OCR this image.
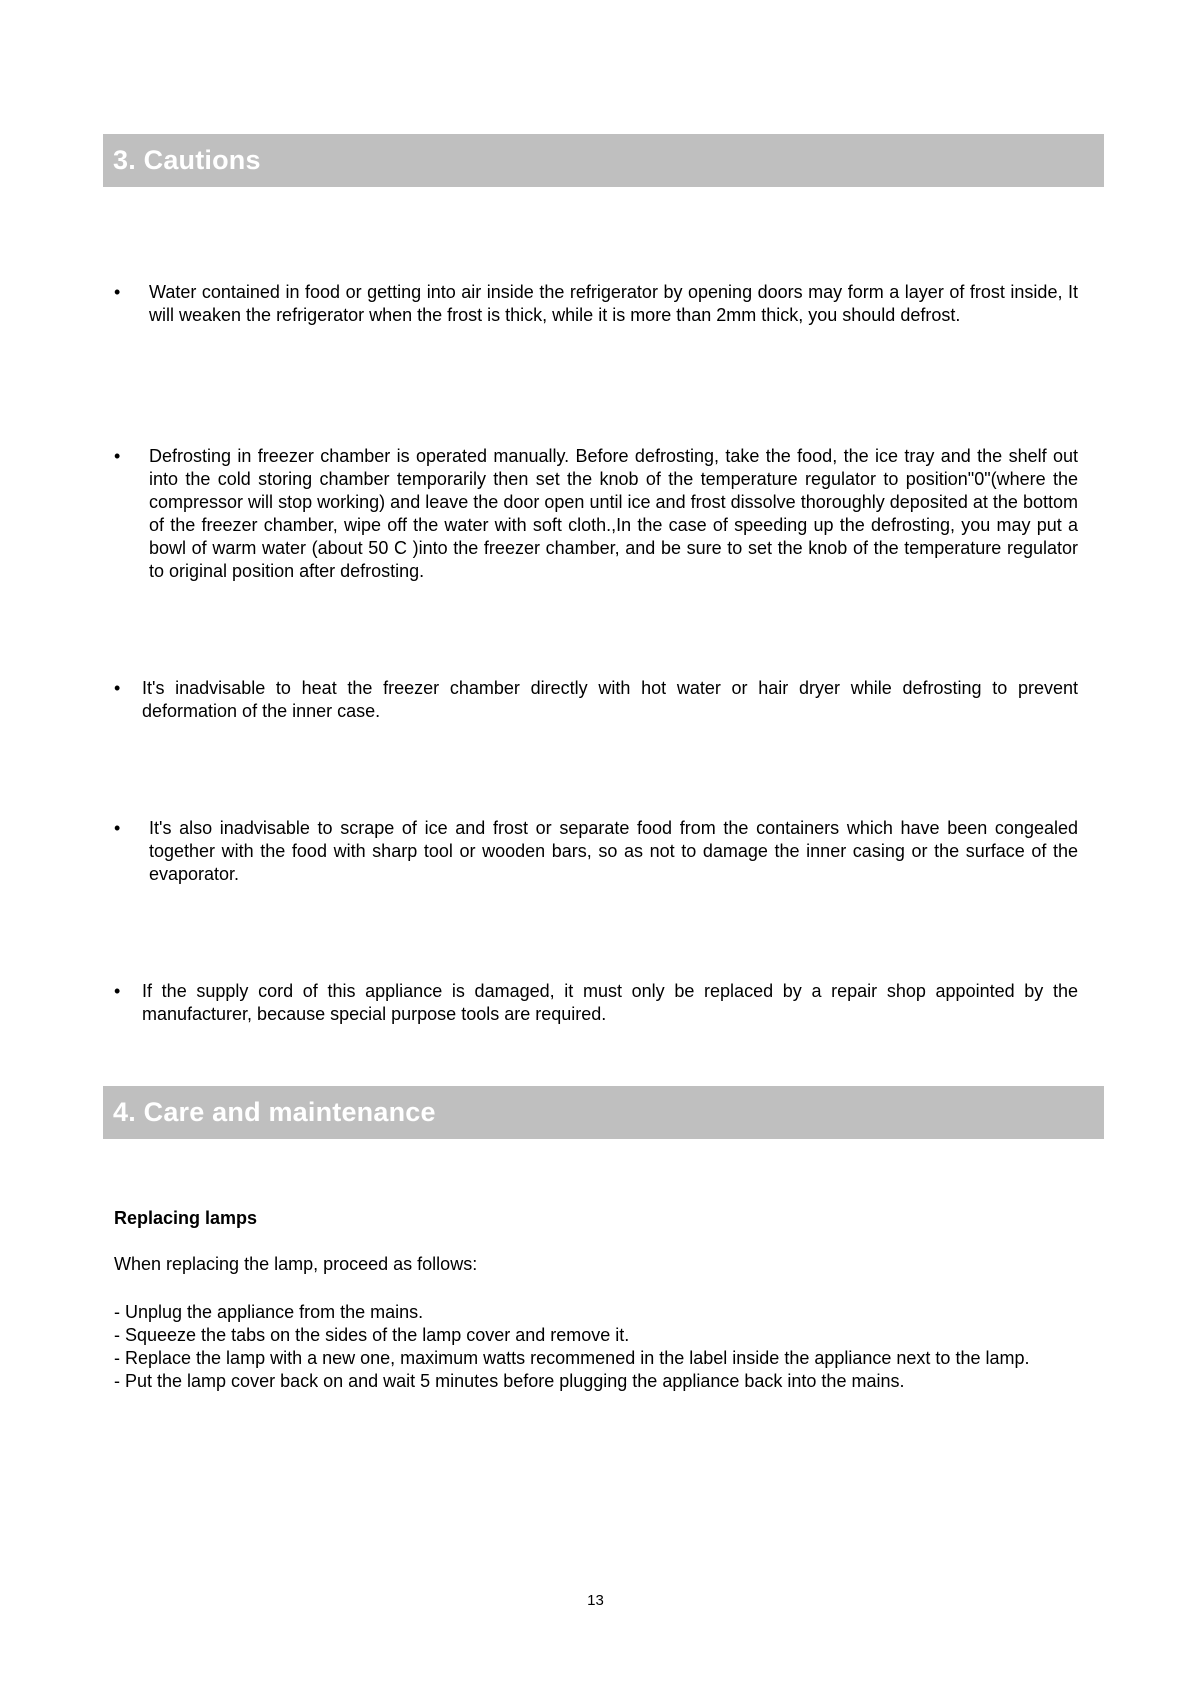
3. Cautions
• Water contained in food or getting into air inside the refrigerator by opening doors may form a layer of frost inside, It will weaken the refrigerator when the frost is thick, while it is more than 2mm thick, you should defrost.

• Defrosting in freezer chamber is operated manually. Before defrosting, take the food, the ice tray and the shelf out into the cold storing chamber temporarily then set the knob of the temperature regulator to position"0"(where the compressor will stop working) and leave the door open until ice and frost dissolve thoroughly deposited at the bottom of the freezer chamber, wipe off the water with soft cloth.,In the case of speeding up the defrosting, you may put a bowl of warm water (about 50 C )into the freezer chamber, and be sure to set the knob of the temperature regulator to original position after defrosting.

• It's inadvisable to heat the freezer chamber directly with hot water or hair dryer while defrosting to prevent deformation of the inner case.

• It's also inadvisable to scrape of ice and frost or separate food from the containers which have been congealed together with the food with sharp tool or wooden bars, so as not to damage the inner casing or the surface of the evaporator.

• If the supply cord of this appliance is damaged, it must only be replaced by a repair shop appointed by the manufacturer, because special purpose tools are required.

4. Care and maintenance
Replacing lamps

When replacing the lamp, proceed as follows:

- Unplug the appliance from the mains.
- Squeeze the tabs on the sides of the lamp cover and remove it.
- Replace the lamp with a new one, maximum watts recommened in the label inside the appliance next to the lamp.
- Put the lamp cover back on and wait 5 minutes before plugging the appliance back into the mains.
13
